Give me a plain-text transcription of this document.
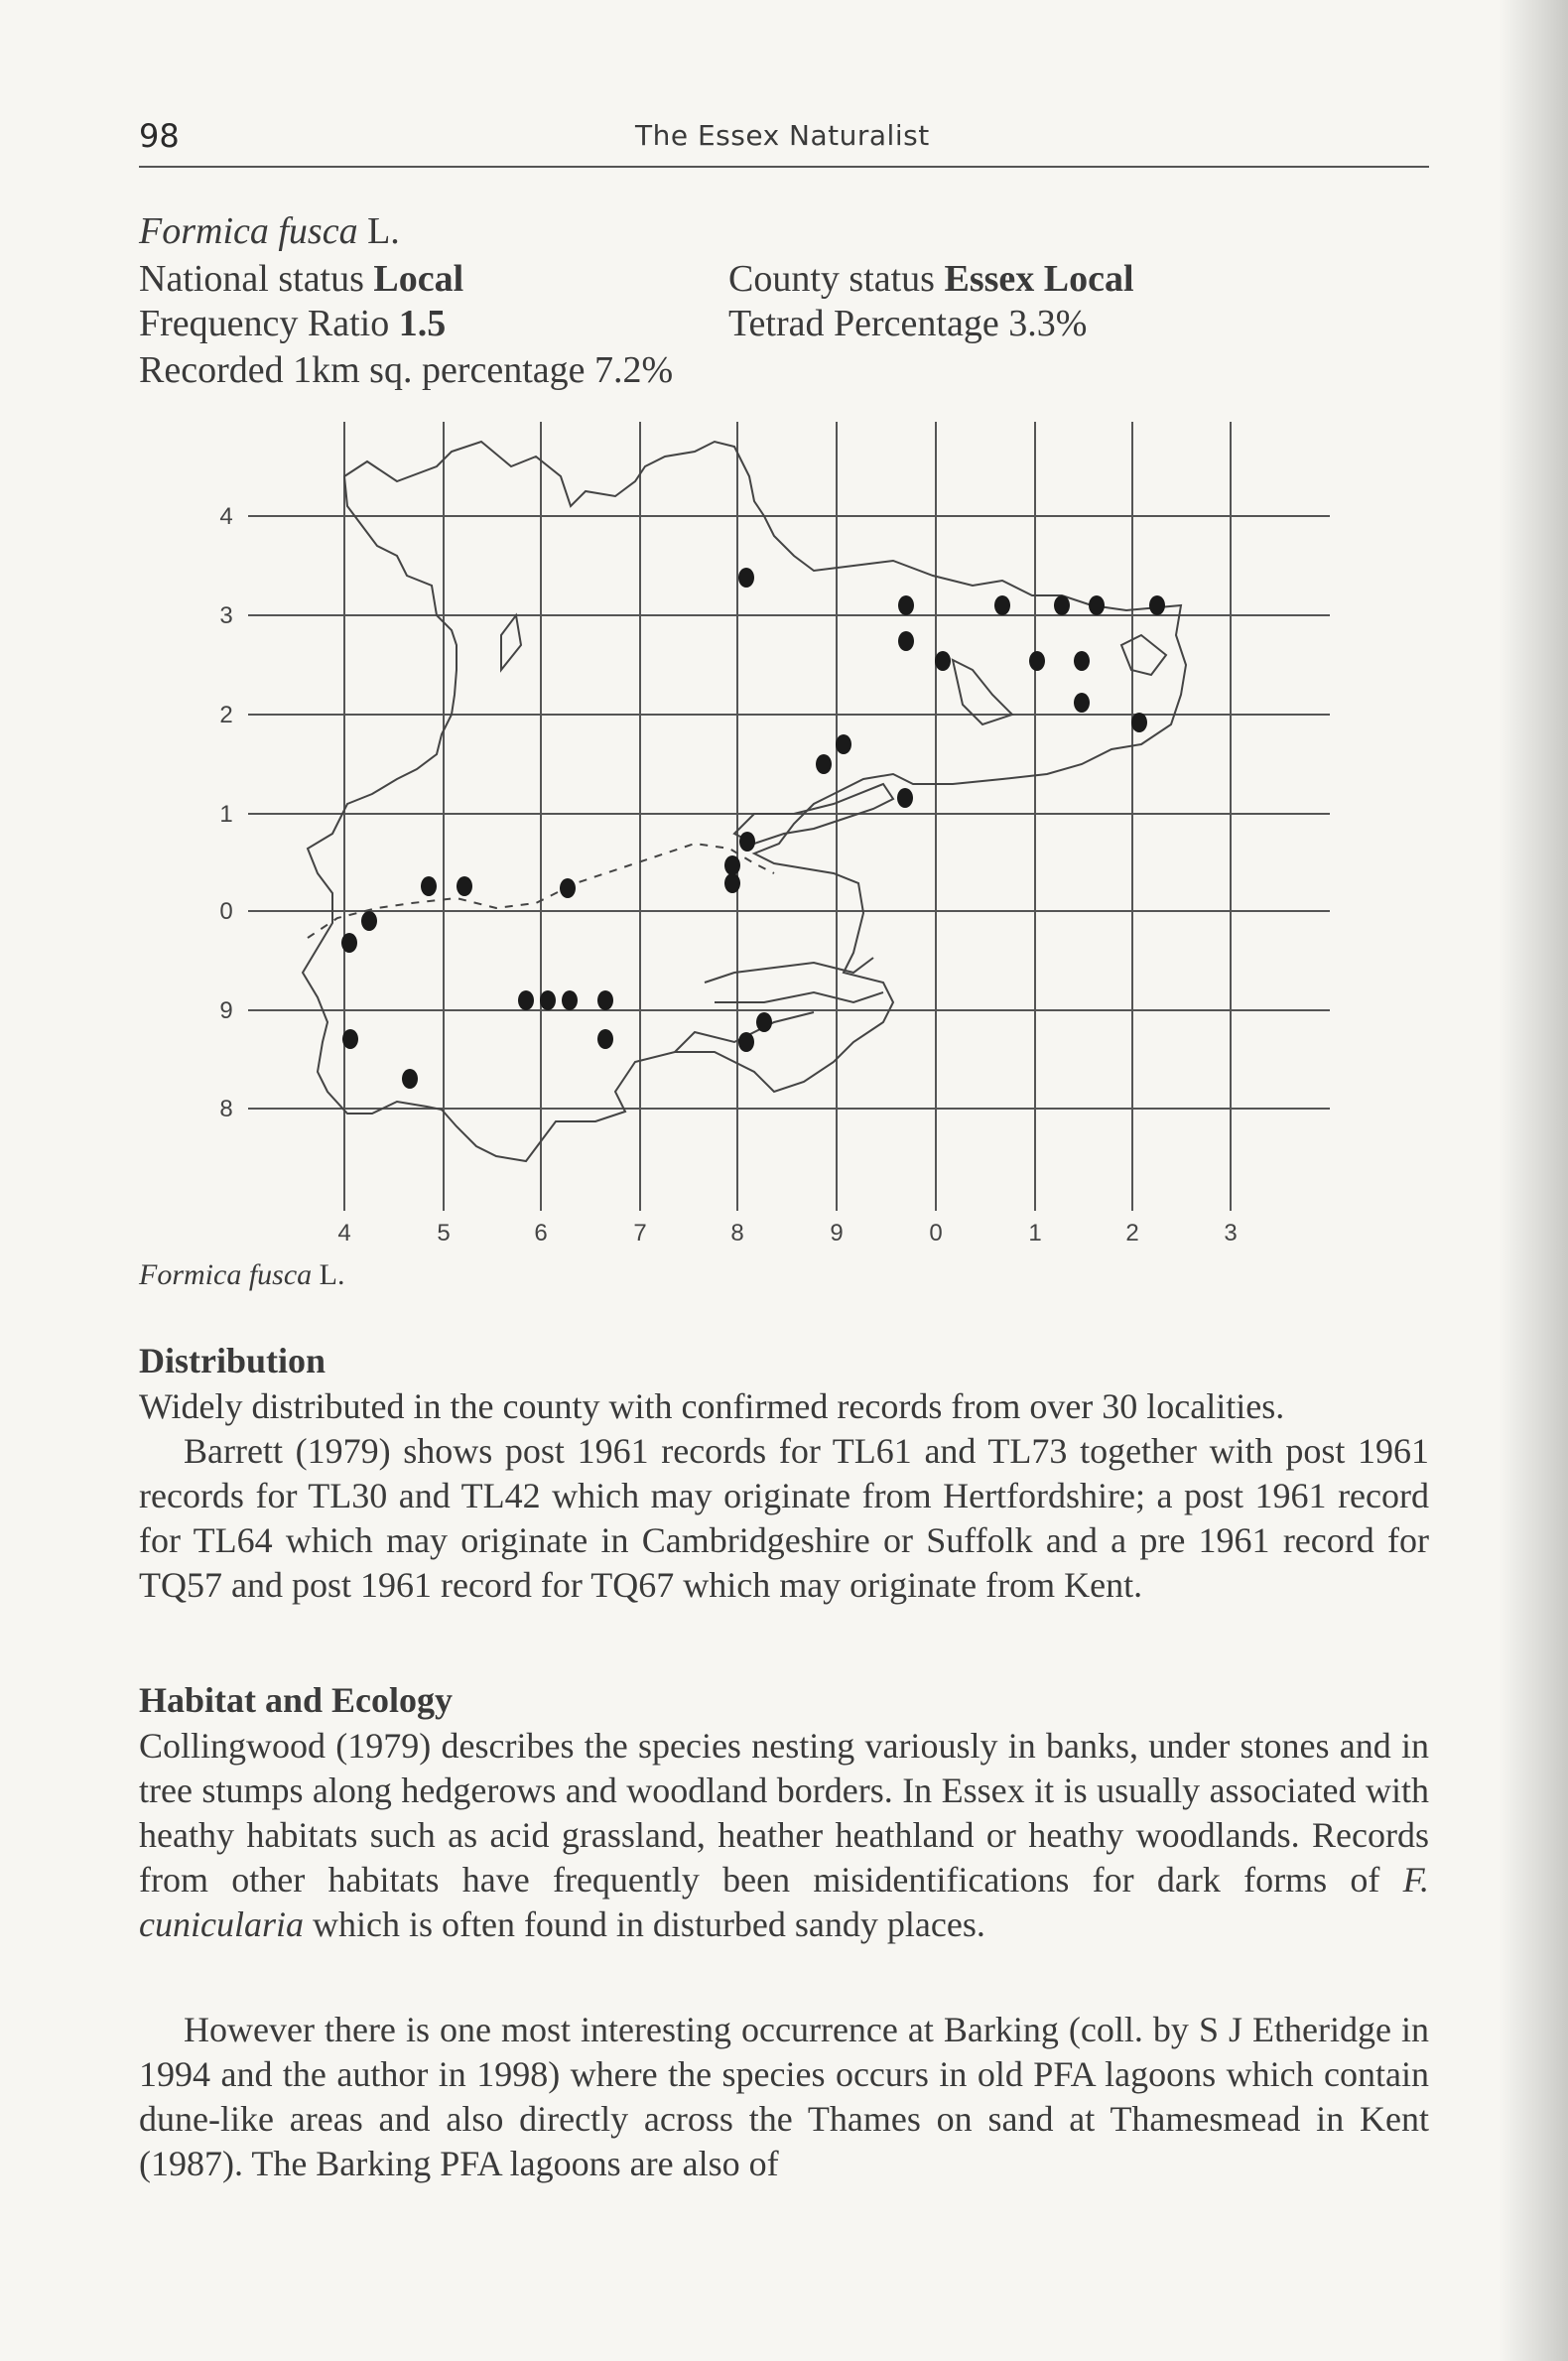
98	The Essex Naturalist
Formica fusca L.
National status Local	County status Essex Local
Frequency Ratio 1.5	Tetrad Percentage 3.3%
Recorded 1km sq. percentage 7.2%
4
3
2
1
0
9
8
4	5	6	7	8	9	0	1	2	3
Formica fusca L.
Distribution
Widely distributed in the county with confirmed records from over 30 localities.
Barrett (1979) shows post 1961 records for TL61 and TL73 together with post 1961 records for TL30 and TL42 which may originate from Hertfordshire; a post 1961 record for TL64 which may originate in Cambridgeshire or Suffolk and a pre 1961 record for TQ57 and post 1961 record for TQ67 which may originate from Kent.
Habitat and Ecology
Collingwood (1979) describes the species nesting variously in banks, under stones and in tree stumps along hedgerows and woodland borders. In Essex it is usually associated with heathy habitats such as acid grassland, heather heathland or heathy woodlands. Records from other habitats have frequently been misidentifications for dark forms of F. cunicularia which is often found in disturbed sandy places.
However there is one most interesting occurrence at Barking (coll. by S J Etheridge in 1994 and the author in 1998) where the species occurs in old PFA lagoons which contain dune-like areas and also directly across the Thames on sand at Thamesmead in Kent (1987). The Barking PFA lagoons are also of
